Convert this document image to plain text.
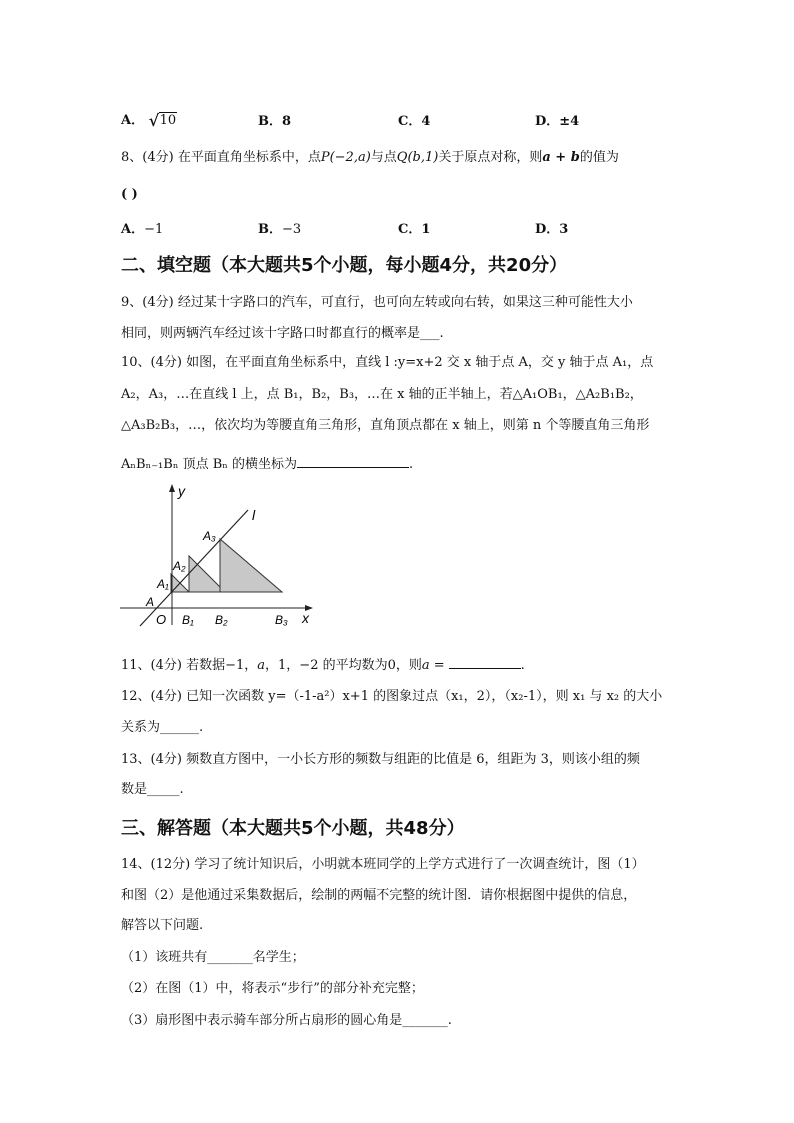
A． √ 10	B．8	C．4	D．±4
8、(4分) 在平面直角坐标系中，点P(−2,a)与点Q(b,1)关于原点对称，则a + b的值为
( )
A．−1	B．−3	C．1	D．3
二、填空题（本大题共5个小题，每小题4分，共20分）
9、(4分) 经过某十字路口的汽车，可直行，也可向左转或向右转，如果这三种可能性大小
相同，则两辆汽车经过该十字路口时都直行的概率是___.
10、(4分) 如图，在平面直角坐标系中，直线 l :y=x+2 交 x 轴于点 A，交 y 轴于点 A₁，点
A₂，A₃，…在直线 l 上，点 B₁，B₂，B₃，…在 x 轴的正半轴上，若△A₁OB₁，△A₂B₁B₂，
△A₃B₂B₃，…，依次均为等腰直角三角形，直角顶点都在 x 轴上，则第 n 个等腰直角三角形
AₙBₙ₋₁Bₙ 顶点 Bₙ 的横坐标为	.
y
x
l
O
A
A₁
A₂
A₃
B₁ B₂	B₃
11、(4分) 若数据−1，a，1，−2 的平均数为0，则a =	.
12、(4分) 已知一次函数 y=（-1-a²）x+1 的图象过点（x₁，2），（x₂-1），则 x₁ 与 x₂ 的大小
关系为______.
13、(4分) 频数直方图中，一小长方形的频数与组距的比值是 6，组距为 3，则该小组的频
数是_____.
三、解答题（本大题共5个小题，共48分）
14、(12分) 学习了统计知识后，小明就本班同学的上学方式进行了一次调查统计，图（1）
和图（2）是他通过采集数据后，绘制的两幅不完整的统计图．请你根据图中提供的信息，
解答以下问题.
（1）该班共有_______名学生；
（2）在图（1）中，将表示“步行”的部分补充完整；
（3）扇形图中表示骑车部分所占扇形的圆心角是_______.
